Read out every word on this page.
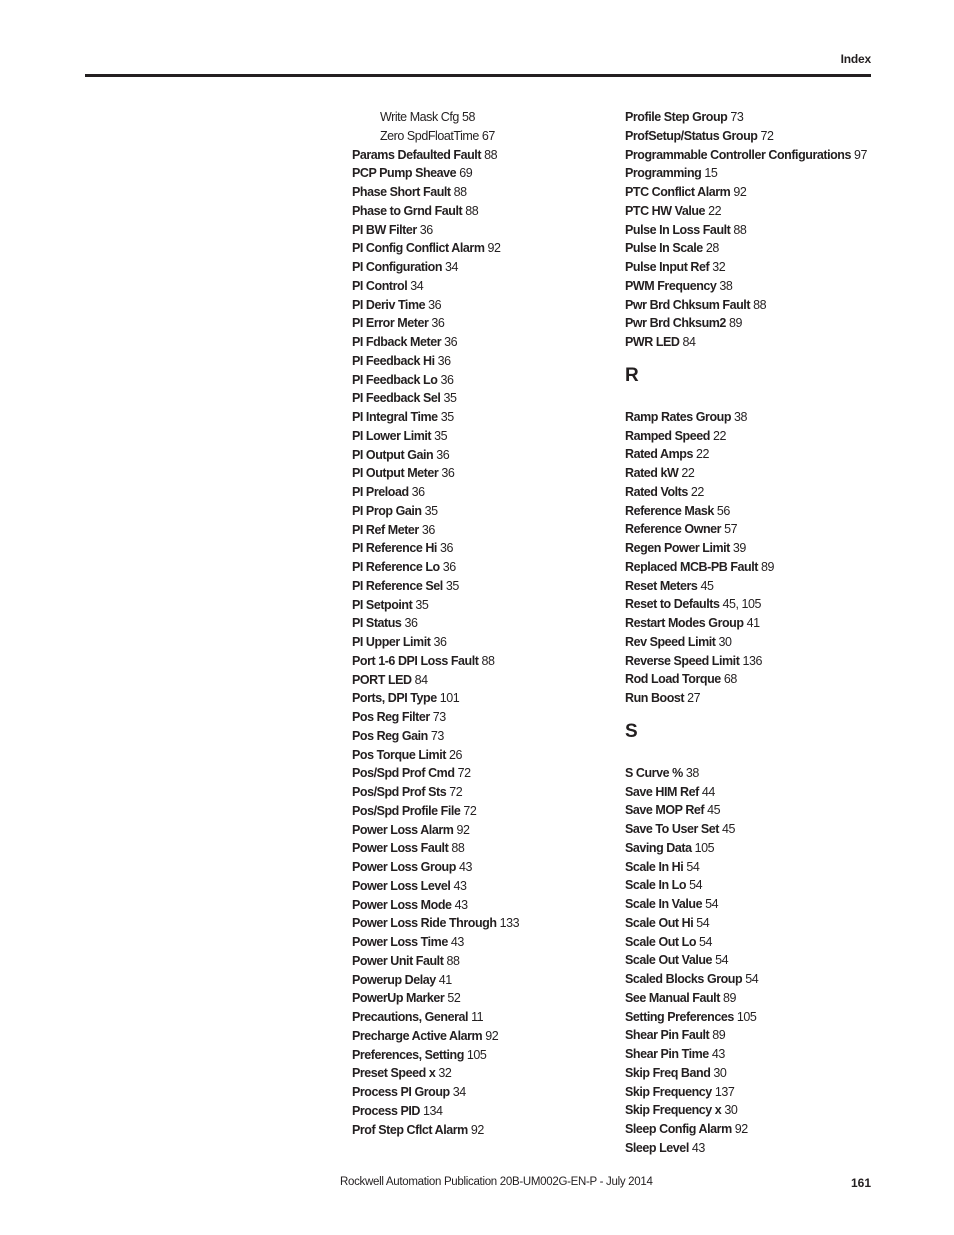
Index
Write Mask Cfg 58
Zero SpdFloatTime 67
Params Defaulted Fault 88
PCP Pump Sheave 69
Phase Short Fault 88
Phase to Grnd Fault 88
PI BW Filter 36
PI Config Conflict Alarm 92
PI Configuration 34
PI Control 34
PI Deriv Time 36
PI Error Meter 36
PI Fdback Meter 36
PI Feedback Hi 36
PI Feedback Lo 36
PI Feedback Sel 35
PI Integral Time 35
PI Lower Limit 35
PI Output Gain 36
PI Output Meter 36
PI Preload 36
PI Prop Gain 35
PI Ref Meter 36
PI Reference Hi 36
PI Reference Lo 36
PI Reference Sel 35
PI Setpoint 35
PI Status 36
PI Upper Limit 36
Port 1-6 DPI Loss Fault 88
PORT LED 84
Ports, DPI Type 101
Pos Reg Filter 73
Pos Reg Gain 73
Pos Torque Limit 26
Pos/Spd Prof Cmd 72
Pos/Spd Prof Sts 72
Pos/Spd Profile File 72
Power Loss Alarm 92
Power Loss Fault 88
Power Loss Group 43
Power Loss Level 43
Power Loss Mode 43
Power Loss Ride Through 133
Power Loss Time 43
Power Unit Fault 88
Powerup Delay 41
PowerUp Marker 52
Precautions, General 11
Precharge Active Alarm 92
Preferences, Setting 105
Preset Speed x 32
Process PI Group 34
Process PID 134
Prof Step Cflct Alarm 92
Profile Step Group 73
ProfSetup/Status Group 72
Programmable Controller Configurations 97
Programming 15
PTC Conflict Alarm 92
PTC HW Value 22
Pulse In Loss Fault 88
Pulse In Scale 28
Pulse Input Ref 32
PWM Frequency 38
Pwr Brd Chksum Fault 88
Pwr Brd Chksum2 89
PWR LED 84
R
Ramp Rates Group 38
Ramped Speed 22
Rated Amps 22
Rated kW 22
Rated Volts 22
Reference Mask 56
Reference Owner 57
Regen Power Limit 39
Replaced MCB-PB Fault 89
Reset Meters 45
Reset to Defaults 45, 105
Restart Modes Group 41
Rev Speed Limit 30
Reverse Speed Limit 136
Rod Load Torque 68
Run Boost 27
S
S Curve % 38
Save HIM Ref 44
Save MOP Ref 45
Save To User Set 45
Saving Data 105
Scale In Hi 54
Scale In Lo 54
Scale In Value 54
Scale Out Hi 54
Scale Out Lo 54
Scale Out Value 54
Scaled Blocks Group 54
See Manual Fault 89
Setting Preferences 105
Shear Pin Fault 89
Shear Pin Time 43
Skip Freq Band 30
Skip Frequency 137
Skip Frequency x 30
Sleep Config Alarm 92
Sleep Level 43
Rockwell Automation Publication 20B-UM002G-EN-P - July 2014	161
